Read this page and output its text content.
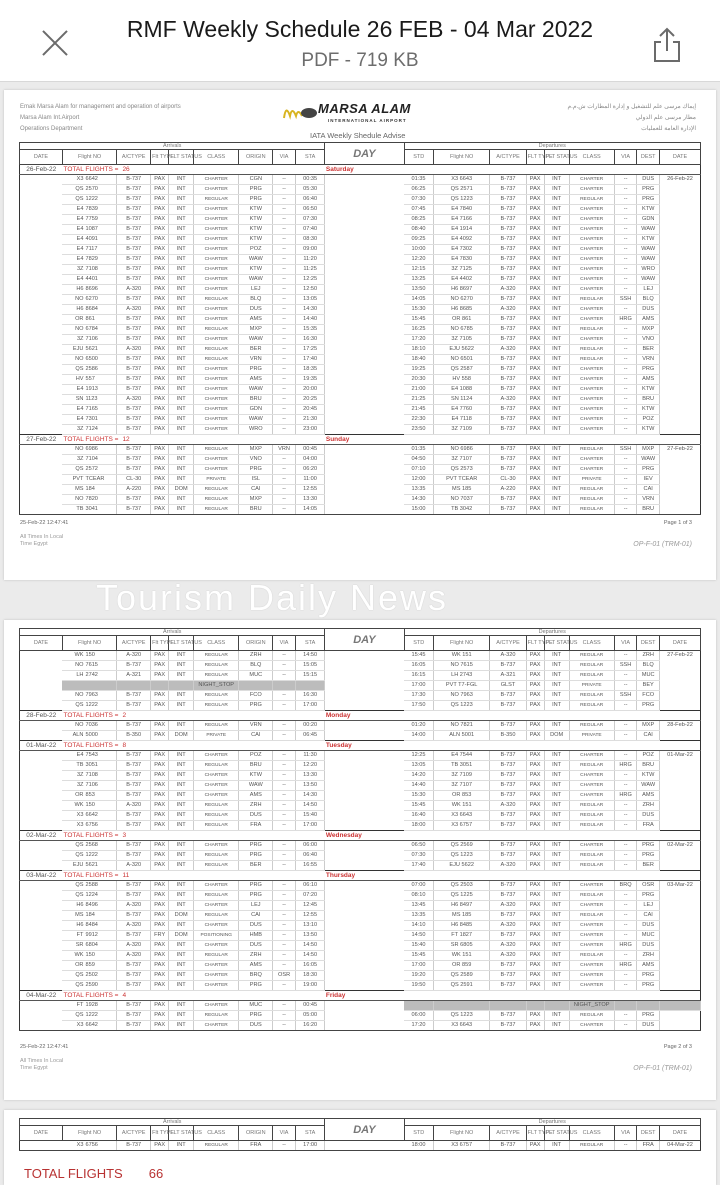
RMF Weekly Schedule 26 FEB - 04 Mar 2022
PDF - 719 KB
Emak Marsa Alam for management and operation of airports
Marsa Alam Int.Airport
Operations Department
MARSA ALAM
INTERNATIONAL AIRPORT
إيماك مرسى علم للتشغيل و إدارة المطارات ش.م.م
مطار مرسى علم الدولي
الإدارة العامة للعمليات
IATA Weekly Shedule Advise
Arrivals									DAY	Departures								
DATE	Flight NO	A/CTYPE	Flt TYPE	FLT STATUS	CLASS	ORIGIN	VIA	STA		STD	Flight NO	A/CTYPE	FLT TYPE	FLT STATUS	CLASS	VIA	DEST	DATE
26-Feb-22	TOTAL FLIGHTS = 26								Saturday									
	X3 6642	B-737	PAX	INT	CHARTER	CGN	--	00:35		01:35	X3 6643	B-737	PAX	INT	CHARTER	--	DUS	26-Feb-22
	QS 2570	B-737	PAX	INT	CHARTER	PRG	--	05:30		06:25	QS 2571	B-737	PAX	INT	CHARTER	--	PRG	
	QS 1222	B-737	PAX	INT	REGULAR	PRG	--	06:40		07:30	QS 1223	B-737	PAX	INT	REGULAR	--	PRG	
	E4 7839	B-737	PAX	INT	CHARTER	KTW	--	06:50		07:45	E4 7840	B-737	PAX	INT	CHARTER	--	KTW	
	E4 7759	B-737	PAX	INT	CHARTER	KTW	--	07:30		08:25	E4 7166	B-737	PAX	INT	CHARTER	--	GDN	
	E4 1087	B-737	PAX	INT	CHARTER	KTW	--	07:40		08:40	E4 1914	B-737	PAX	INT	CHARTER	--	WAW	
	E4 4091	B-737	PAX	INT	CHARTER	KTW	--	08:30		09:25	E4 4092	B-737	PAX	INT	CHARTER	--	KTW	
	E4 7117	B-737	PAX	INT	CHARTER	POZ	--	09:00		10:00	E4 7302	B-737	PAX	INT	CHARTER	--	WAW	
	E4 7829	B-737	PAX	INT	CHARTER	WAW	--	11:20		12:20	E4 7830	B-737	PAX	INT	CHARTER	--	WAW	
	3Z 7108	B-737	PAX	INT	CHARTER	KTW	--	11:25		12:15	3Z 7125	B-737	PAX	INT	CHARTER	--	WRO	
	E4 4401	B-737	PAX	INT	CHARTER	WAW	--	12:25		13:25	E4 4402	B-737	PAX	INT	CHARTER	--	WAW	
	H6 8696	A-320	PAX	INT	CHARTER	LEJ	--	12:50		13:50	H6 8697	A-320	PAX	INT	CHARTER	--	LEJ	
	NO 6270	B-737	PAX	INT	REGULAR	BLQ	--	13:05		14:05	NO 6270	B-737	PAX	INT	REGULAR	SSH	BLQ	
	H6 8684	A-320	PAX	INT	CHARTER	DUS	--	14:30		15:30	H6 8685	A-320	PAX	INT	CHARTER	--	DUS	
	OR 861	B-737	PAX	INT	CHARTER	AMS	--	14:40		15:45	OR 861	B-737	PAX	INT	CHARTER	HRG	AMS	
	NO 6784	B-737	PAX	INT	REGULAR	MXP	--	15:35		16:25	NO 6785	B-737	PAX	INT	REGULAR	--	MXP	
	3Z 7106	B-737	PAX	INT	CHARTER	WAW	--	16:30		17:20	3Z 7105	B-737	PAX	INT	CHARTER	--	VNO	
	EJU 5621	A-320	PAX	INT	REGULAR	BER	--	17:25		18:10	EJU 5622	A-320	PAX	INT	REGULAR	--	BER	
	NO 6500	B-737	PAX	INT	REGULAR	VRN	--	17:40		18:40	NO 6501	B-737	PAX	INT	REGULAR	--	VRN	
	QS 2586	B-737	PAX	INT	CHARTER	PRG	--	18:35		19:25	QS 2587	B-737	PAX	INT	CHARTER	--	PRG	
	HV 557	B-737	PAX	INT	CHARTER	AMS	--	19:35		20:30	HV 558	B-737	PAX	INT	CHARTER	--	AMS	
	E4 1913	B-737	PAX	INT	CHARTER	WAW	--	20:00		21:00	E4 1088	B-737	PAX	INT	CHARTER	--	KTW	
	SN 1123	A-320	PAX	INT	CHARTER	BRU	--	20:25		21:25	SN 1124	A-320	PAX	INT	CHARTER	--	BRU	
	E4 7165	B-737	PAX	INT	CHARTER	GDN	--	20:45		21:45	E4 7760	B-737	PAX	INT	CHARTER	--	KTW	
	E4 7301	B-737	PAX	INT	CHARTER	WAW	--	21:30		22:30	E4 7118	B-737	PAX	INT	CHARTER	--	POZ	
	3Z 7124	B-737	PAX	INT	CHARTER	WRO	--	23:00		23:50	3Z 7109	B-737	PAX	INT	CHARTER	--	KTW	
27-Feb-22	TOTAL FLIGHTS = 12								Sunday									
	NO 6986	B-737	PAX	INT	REGULAR	MXP	VRN	00:45		01:35	NO 6986	B-737	PAX	INT	REGULAR	SSH	MXP	27-Feb-22
	3Z 7104	B-737	PAX	INT	CHARTER	VNO	--	04:00		04:50	3Z 7107	B-737	PAX	INT	CHARTER	--	WAW	
	QS 2572	B-737	PAX	INT	CHARTER	PRG	--	06:20		07:10	QS 2573	B-737	PAX	INT	CHARTER	--	PRG	
	PVT TCEAR	CL-30	PAX	INT	PRIVATE	ISL	--	11:00		12:00	PVT TCEAR	CL-30	PAX	INT	PRIVATE	--	IEV	
	MS 184	A-220	PAX	DOM	REGULAR	CAI	--	12:55		13:35	MS 185	A-220	PAX	INT	REGULAR	--	CAI	
	NO 7820	B-737	PAX	INT	REGULAR	MXP	--	13:30		14:30	NO 7037	B-737	PAX	INT	REGULAR	--	VRN	
	TB 3041	B-737	PAX	INT	REGULAR	BRU	--	14:05		15:00	TB 3042	B-737	PAX	INT	REGULAR	--	BRU	
25-Feb-22 12:47:41
All Times In Local
Time Egypt
Page 1 of 3
OP-F-01 (TRM-01)
Tourism Daily News
Arrivals									DAY	Departures								
DATE	Flight NO	A/CTYPE	Flt TYPE	FLT STATUS	CLASS	ORIGIN	VIA	STA		STD	Flight NO	A/CTYPE	FLT TYPE	FLT STATUS	CLASS	VIA	DEST	DATE
	WK 150	A-320	PAX	INT	REGULAR	ZRH	--	14:50		15:45	WK 151	A-320	PAX	INT	REGULAR	--	ZRH	27-Feb-22
	NO 7615	B-737	PAX	INT	REGULAR	BLQ	--	15:05		16:05	NO 7615	B-737	PAX	INT	REGULAR	SSH	BLQ	
	LH 2742	A-321	PAX	INT	REGULAR	MUC	--	15:15		16:15	LH 2743	A-321	PAX	INT	REGULAR	--	MUC	
					NIGHT_STOP					17:00	PVT T7-FGL	GLST	PAX	INT	PRIVATE	--	BEY	
	NO 7963	B-737	PAX	INT	REGULAR	FCO	--	16:30		17:30	NO 7963	B-737	PAX	INT	REGULAR	SSH	FCO	
	QS 1222	B-737	PAX	INT	REGULAR	PRG	--	17:00		17:50	QS 1223	B-737	PAX	INT	REGULAR	--	PRG	
28-Feb-22	TOTAL FLIGHTS = 2								Monday									
	NO 7036	B-737	PAX	INT	REGULAR	VRN	--	00:20		01:20	NO 7821	B-737	PAX	INT	REGULAR	--	MXP	28-Feb-22
	ALN 5000	B-350	PAX	DOM	PRIVATE	CAI	--	06:45		14:00	ALN 5001	B-350	PAX	DOM	PRIVATE	--	CAI	
01-Mar-22	TOTAL FLIGHTS = 8								Tuesday									
	E4 7543	B-737	PAX	INT	CHARTER	POZ	--	11:30		12:25	E4 7544	B-737	PAX	INT	CHARTER	--	POZ	01-Mar-22
	TB 3051	B-737	PAX	INT	REGULAR	BRU	--	12:20		13:05	TB 3051	B-737	PAX	INT	REGULAR	HRG	BRU	
	3Z 7108	B-737	PAX	INT	CHARTER	KTW	--	13:30		14:20	3Z 7109	B-737	PAX	INT	CHARTER	--	KTW	
	3Z 7106	B-737	PAX	INT	CHARTER	WAW	--	13:50		14:40	3Z 7107	B-737	PAX	INT	CHARTER	--	WAW	
	OR 853	B-737	PAX	INT	CHARTER	AMS	--	14:30		15:30	OR 853	B-737	PAX	INT	CHARTER	HRG	AMS	
	WK 150	A-320	PAX	INT	REGULAR	ZRH	--	14:50		15:45	WK 151	A-320	PAX	INT	REGULAR	--	ZRH	
	X3 6642	B-737	PAX	INT	REGULAR	DUS	--	15:40		16:40	X3 6643	B-737	PAX	INT	REGULAR	--	DUS	
	X3 6756	B-737	PAX	INT	REGULAR	FRA	--	17:00		18:00	X3 6757	B-737	PAX	INT	REGULAR	--	FRA	
02-Mar-22	TOTAL FLIGHTS = 3								Wednesday									
	QS 2568	B-737	PAX	INT	CHARTER	PRG	--	06:00		06:50	QS 2569	B-737	PAX	INT	CHARTER	--	PRG	02-Mar-22
	QS 1222	B-737	PAX	INT	REGULAR	PRG	--	06:40		07:30	QS 1223	B-737	PAX	INT	REGULAR	--	PRG	
	EJU 5621	A-320	PAX	INT	REGULAR	BER	--	16:55		17:40	EJU 5622	A-320	PAX	INT	REGULAR	--	BER	
03-Mar-22	TOTAL FLIGHTS = 11								Thursday									
	QS 2588	B-737	PAX	INT	CHARTER	PRG	--	06:10		07:00	QS 2503	B-737	PAX	INT	CHARTER	BRQ	OSR	03-Mar-22
	QS 1224	B-737	PAX	INT	REGULAR	PRG	--	07:20		08:10	QS 1225	B-737	PAX	INT	REGULAR	--	PRG	
	H6 8496	A-320	PAX	INT	CHARTER	LEJ	--	12:45		13:45	H6 8497	A-320	PAX	INT	CHARTER	--	LEJ	
	MS 184	B-737	PAX	DOM	REGULAR	CAI	--	12:55		13:35	MS 185	B-737	PAX	INT	REGULAR	--	CAI	
	H6 8484	A-320	PAX	INT	CHARTER	DUS	--	13:10		14:10	H6 8485	A-320	PAX	INT	CHARTER	--	DUS	
	FT 9912	B-737	FRY	DOM	POSITIONING	HMB	--	13:50		14:50	FT 1827	B-737	PAX	INT	CHARTER	--	MUC	
	SR 6804	A-320	PAX	INT	CHARTER	DUS	--	14:50		15:40	SR 6805	A-320	PAX	INT	CHARTER	HRG	DUS	
	WK 150	A-320	PAX	INT	REGULAR	ZRH	--	14:50		15:45	WK 151	A-320	PAX	INT	REGULAR	--	ZRH	
	OR 859	B-737	PAX	INT	CHARTER	AMS	--	16:05		17:00	OR 859	B-737	PAX	INT	CHARTER	HRG	AMS	
	QS 2502	B-737	PAX	INT	CHARTER	BRQ	OSR	18:30		19:20	QS 2589	B-737	PAX	INT	CHARTER	--	PRG	
	QS 2590	B-737	PAX	INT	CHARTER	PRG	--	19:00		19:50	QS 2591	B-737	PAX	INT	CHARTER	--	PRG	
04-Mar-22	TOTAL FLIGHTS = 4								Friday									
	FT 1928	B-737	PAX	INT	CHARTER	MUC	--	00:45							NIGHT_STOP			
	QS 1222	B-737	PAX	INT	REGULAR	PRG	--	05:00		06:00	QS 1223	B-737	PAX	INT	REGULAR	--	PRG	
	X3 6642	B-737	PAX	INT	CHARTER	DUS	--	16:20		17:20	X3 6643	B-737	PAX	INT	CHARTER	--	DUS	
25-Feb-22 12:47:41
All Times In Local
Time Egypt
Page 2 of 3
OP-F-01 (TRM-01)
Arrivals									DAY	Departures								
DATE	Flight NO	A/CTYPE	Flt TYPE	FLT STATUS	CLASS	ORIGIN	VIA	STA		STD	Flight NO	A/CTYPE	FLT TYPE	FLT STATUS	CLASS	VIA	DEST	DATE
	X3 6756	B-737	PAX	INT	REGULAR	FRA	--	17:00		18:00	X3 6757	B-737	PAX	INT	REGULAR	--	FRA	04-Mar-22
TOTAL FLIGHTS 66
